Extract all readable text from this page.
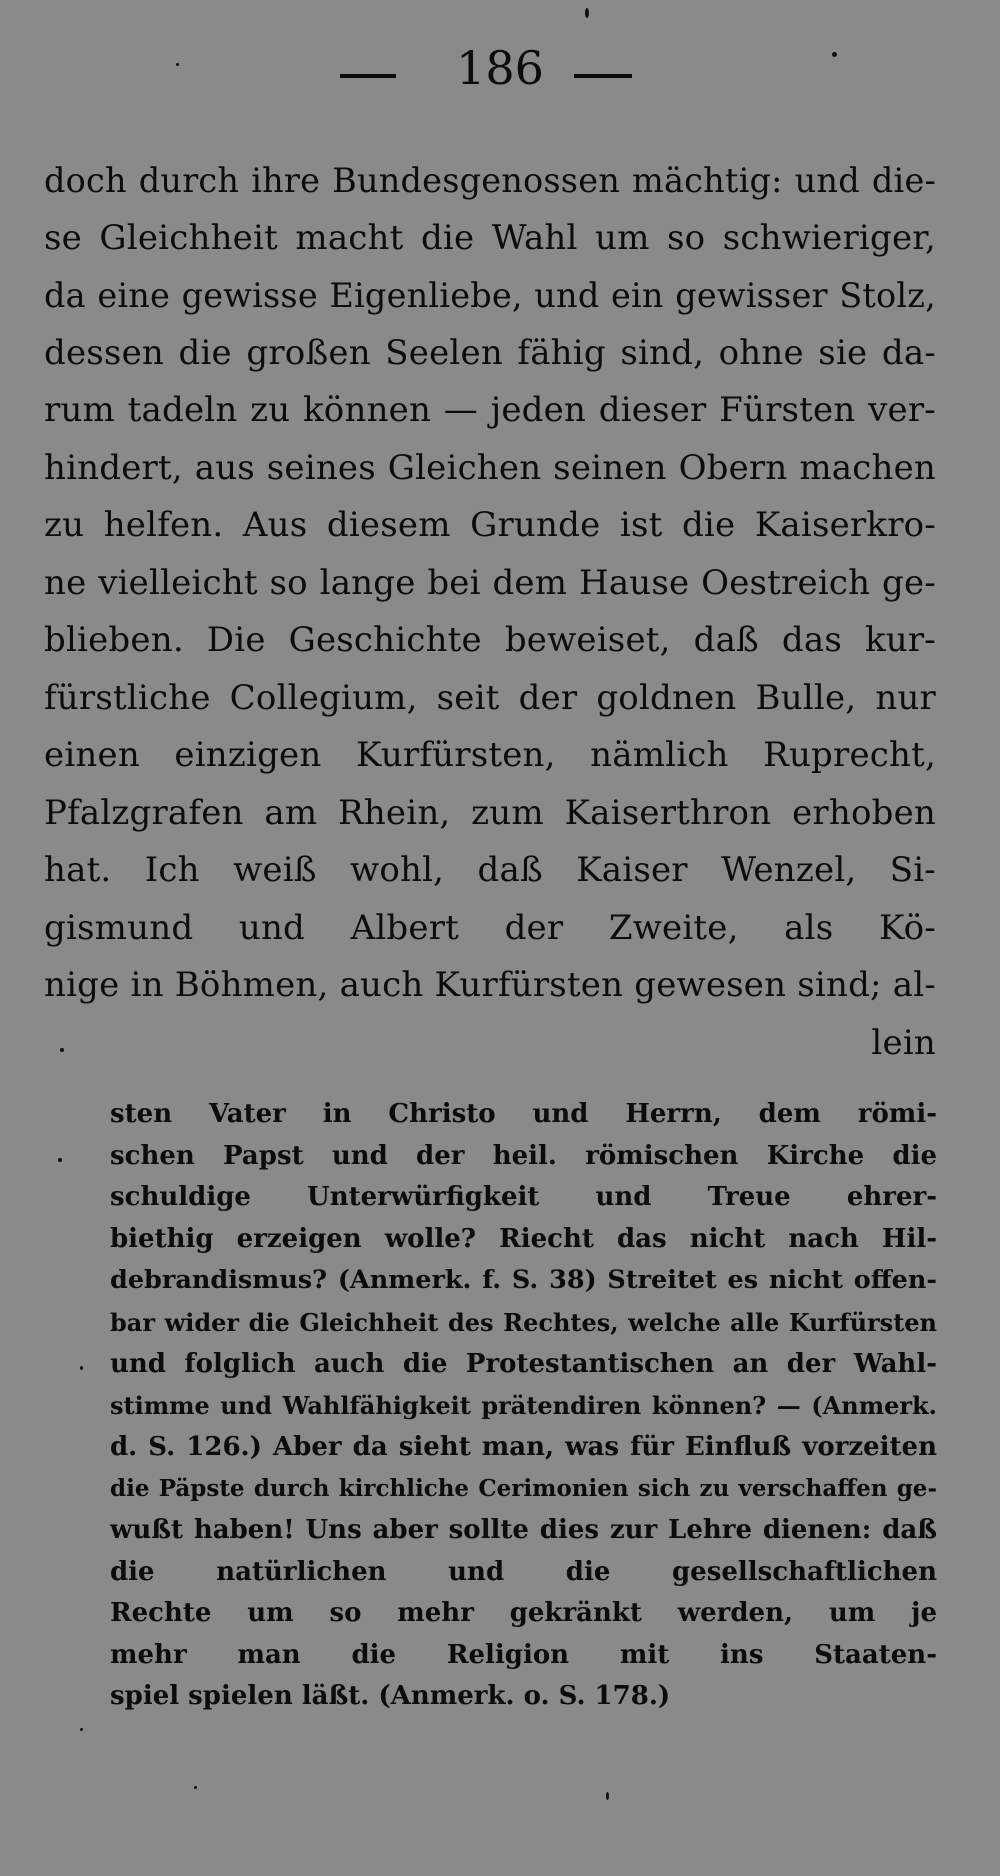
186
doch durch ihre Bundesgenossen mächtig: und die-
se Gleichheit macht die Wahl um so schwieriger,
da eine gewisse Eigenliebe, und ein gewisser Stolz,
dessen die großen Seelen fähig sind, ohne sie da-
rum tadeln zu können — jeden dieser Fürsten ver-
hindert, aus seines Gleichen seinen Obern machen
zu helfen. Aus diesem Grunde ist die Kaiserkro-
ne vielleicht so lange bei dem Hause Oestreich ge-
blieben. Die Geschichte beweiset, daß das kur-
fürstliche Collegium, seit der goldnen Bulle, nur
einen einzigen Kurfürsten, nämlich Ruprecht,
Pfalzgrafen am Rhein, zum Kaiserthron erhoben
hat. Ich weiß wohl, daß Kaiser Wenzel, Si-
gismund und Albert der Zweite, als Kö-
nige in Böhmen, auch Kurfürsten gewesen sind; al-
lein
sten Vater in Christo und Herrn, dem römi-
schen Papst und der heil. römischen Kirche die
schuldige Unterwürfigkeit und Treue ehrer-
biethig erzeigen wolle? Riecht das nicht nach Hil-
debrandismus? (Anmerk. f. S. 38) Streitet es nicht offen-
bar wider die Gleichheit des Rechtes, welche alle Kurfürsten
und folglich auch die Protestantischen an der Wahl-
stimme und Wahlfähigkeit prätendiren können? — (Anmerk.
d. S. 126.) Aber da sieht man, was für Einfluß vorzeiten
die Päpste durch kirchliche Cerimonien sich zu verschaffen ge-
wußt haben! Uns aber sollte dies zur Lehre dienen: daß
die natürlichen und die gesellschaftlichen
Rechte um so mehr gekränkt werden, um je
mehr man die Religion mit ins Staaten-
spiel spielen läßt. (Anmerk. o. S. 178.)
